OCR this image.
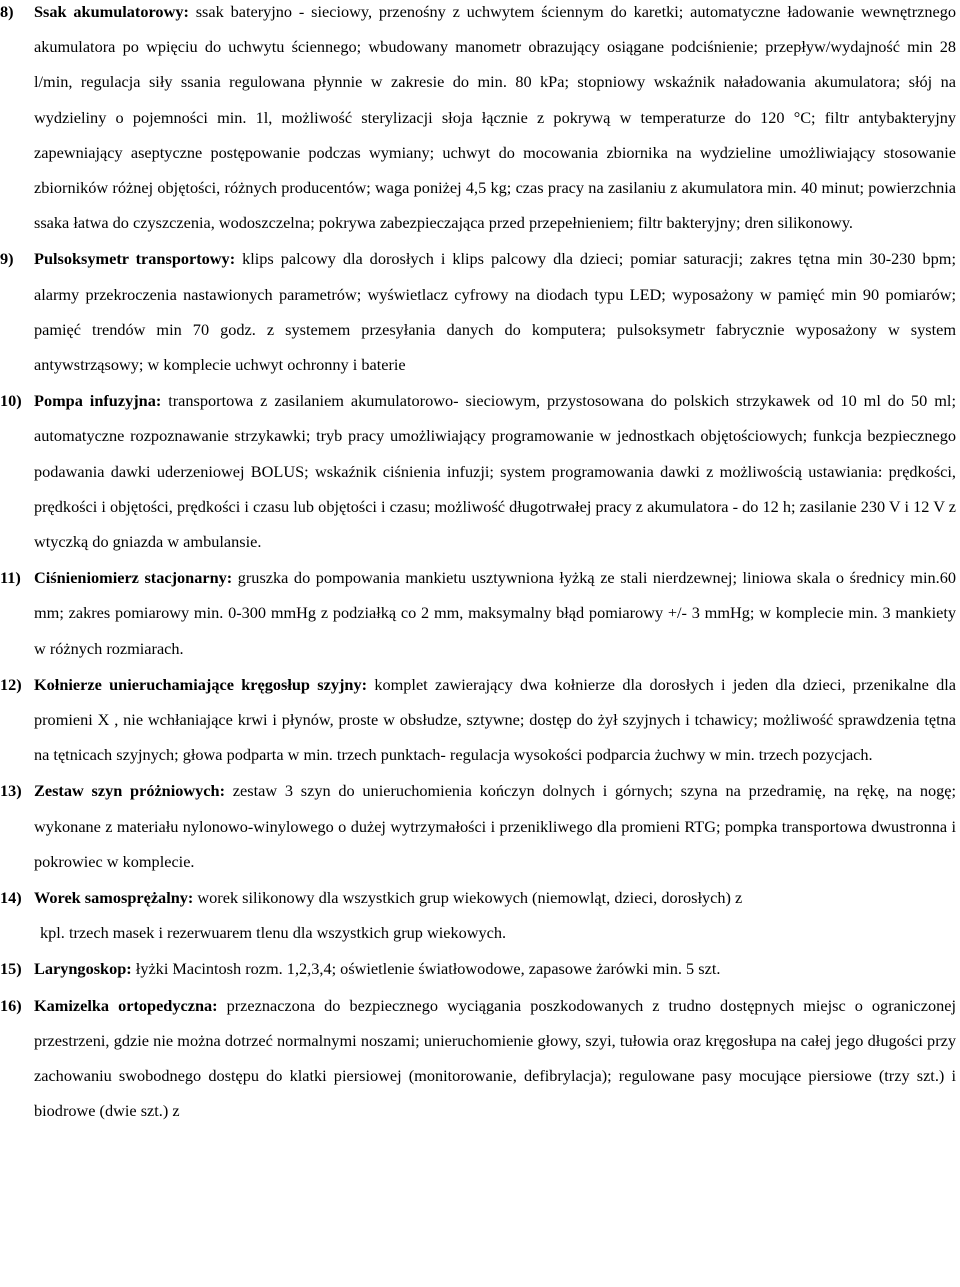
8) Ssak akumulatorowy: ssak bateryjno - sieciowy, przenośny z uchwytem ściennym do karetki; automatyczne ładowanie wewnętrznego akumulatora po wpięciu do uchwytu ściennego; wbudowany manometr obrazujący osiągane podciśnienie; przepływ/wydajność min 28 l/min, regulacja siły ssania regulowana płynnie w zakresie do min. 80 kPa; stopniowy wskaźnik naładowania akumulatora; słój na wydzieliny o pojemności min. 1l, możliwość sterylizacji słoja łącznie z pokrywą w temperaturze do 120 °C; filtr antybakteryjny zapewniający aseptyczne postępowanie podczas wymiany; uchwyt do mocowania zbiornika na wydzieline umożliwiający stosowanie zbiorników różnej objętości, różnych producentów; waga poniżej 4,5 kg; czas pracy na zasilaniu z akumulatora min. 40 minut; powierzchnia ssaka łatwa do czyszczenia, wodoszczelna; pokrywa zabezpieczająca przed przepełnieniem; filtr bakteryjny; dren silikonowy.

9) Pulsoksymetr transportowy: klips palcowy dla dorosłych i klips palcowy dla dzieci; pomiar saturacji; zakres tętna min 30-230 bpm; alarmy przekroczenia nastawionych parametrów; wyświetlacz cyfrowy na diodach typu LED; wyposażony w pamięć min 90 pomiarów; pamięć trendów min 70 godz. z systemem przesyłania danych do komputera; pulsoksymetr fabrycznie wyposażony w system antywstrząsowy; w komplecie uchwyt ochronny i baterie

10) Pompa infuzyjna: transportowa z zasilaniem akumulatorowo- sieciowym, przystosowana do polskich strzykawek od 10 ml do 50 ml; automatyczne rozpoznawanie strzykawki; tryb pracy umożliwiający programowanie w jednostkach objętościowych; funkcja bezpiecznego podawania dawki uderzeniowej BOLUS; wskaźnik ciśnienia infuzji; system programowania dawki z możliwością ustawiania: prędkości, prędkości i objętości, prędkości i czasu lub objętości i czasu; możliwość długotrwałej pracy z akumulatora - do 12 h; zasilanie 230 V i 12 V z wtyczką do gniazda w ambulansie.

11) Ciśnieniomierz stacjonarny: gruszka do pompowania mankietu usztywniona łyżką ze stali nierdzewnej; liniowa skala o średnicy min.60 mm; zakres pomiarowy min. 0-300 mmHg z podziałką co 2 mm, maksymalny błąd pomiarowy +/- 3 mmHg; w komplecie min. 3 mankiety w różnych rozmiarach.

12) Kołnierze unieruchamiające kręgosłup szyjny: komplet zawierający dwa kołnierze dla dorosłych i jeden dla dzieci, przenikalne dla promieni X , nie wchłaniające krwi i płynów, proste w obsłudze, sztywne; dostęp do żył szyjnych i tchawicy; możliwość sprawdzenia tętna na tętnicach szyjnych; głowa podparta w min. trzech punktach- regulacja wysokości podparcia żuchwy w min. trzech pozycjach.

13) Zestaw szyn próżniowych: zestaw 3 szyn do unieruchomienia kończyn dolnych i górnych; szyna na przedramię, na rękę, na nogę; wykonane z materiału nylonowo-winylowego o dużej wytrzymałości i przenikliwego dla promieni RTG; pompka transportowa dwustronna i pokrowiec w komplecie.

14) Worek samosprężalny: worek silikonowy dla wszystkich grup wiekowych (niemowląt, dzieci, dorosłych) z

kpl. trzech masek i rezerwuarem tlenu dla wszystkich grup wiekowych.

15) Laryngoskop: łyżki Macintosh rozm. 1,2,3,4; oświetlenie światłowodowe, zapasowe żarówki min. 5 szt.

16) Kamizelka ortopedyczna: przeznaczona do bezpiecznego wyciągania poszkodowanych z trudno dostępnych miejsc o ograniczonej przestrzeni, gdzie nie można dotrzeć normalnymi noszami; unieruchomienie głowy, szyi, tułowia oraz kręgosłupa na całej jego długości przy zachowaniu swobodnego dostępu do klatki piersiowej (monitorowanie, defibrylacja); regulowane pasy mocujące piersiowe (trzy szt.) i biodrowe (dwie szt.) z
